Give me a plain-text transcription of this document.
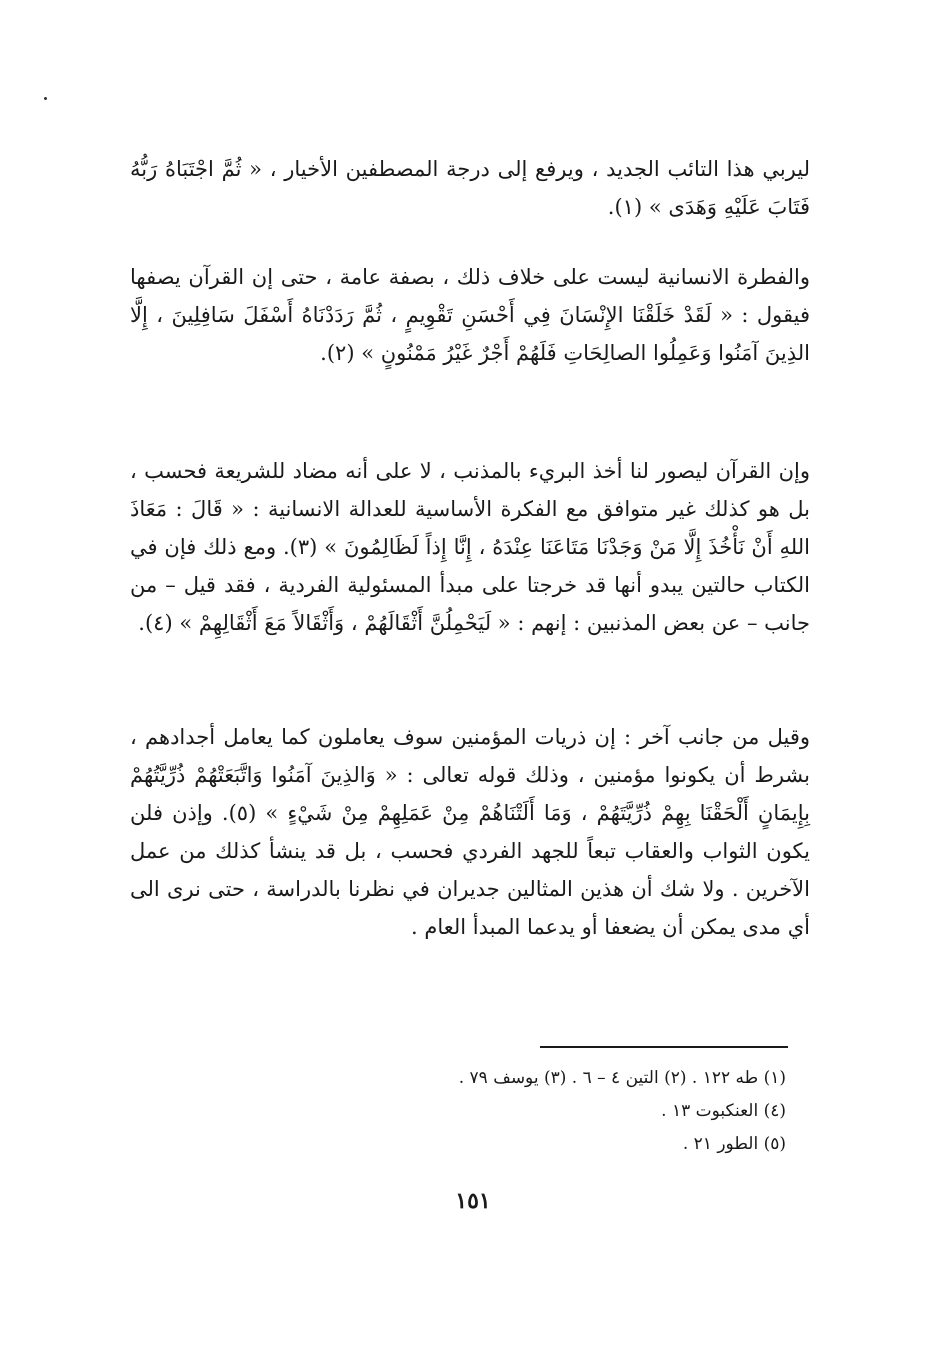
ليربي هذا التائب الجديد ، ويرفع إلى درجة المصطفين الأخيار ، « ثُمَّ اجْتَبَاهُ رَبُّهُ فَتَابَ عَلَيْهِ وَهَدَى » (١).

والفطرة الانسانية ليست على خلاف ذلك ، بصفة عامة ، حتى إن القرآن يصفها فيقول : « لَقَدْ خَلَقْنَا الإِنْسَانَ فِي أَحْسَنِ تَقْوِيمٍ ، ثُمَّ رَدَدْنَاهُ أَسْفَلَ سَافِلِينَ ، إِلَّا الذِينَ آمَنُوا وَعَمِلُوا الصالِحَاتِ فَلَهُمْ أَجْرٌ غَيْرُ مَمْنُونٍ » (٢).

وإن القرآن ليصور لنا أخذ البريء بالمذنب ، لا على أنه مضاد للشريعة فحسب ، بل هو كذلك غير متوافق مع الفكرة الأساسية للعدالة الانسانية : « قَالَ : مَعَاذَ اللهِ أَنْ نَأْخُذَ إِلَّا مَنْ وَجَدْنَا مَتَاعَنَا عِنْدَهُ ، إِنَّا إِذاً لَظَالِمُونَ » (٣). ومع ذلك فإن في الكتاب حالتين يبدو أنها قد خرجتا على مبدأ المسئولية الفردية ، فقد قيل – من جانب – عن بعض المذنبين : إنهم : « لَيَحْمِلُنَّ أَثْقَالَهُمْ ، وَأَثْقَالاً مَعَ أَثْقَالِهِمْ » (٤).

وقيل من جانب آخر : إن ذريات المؤمنين سوف يعاملون كما يعامل أجدادهم ، بشرط أن يكونوا مؤمنين ، وذلك قوله تعالى : « وَالذِينَ آمَنُوا وَاتَّبَعَتْهُمْ ذُرِّيَّتُهُمْ بِإِيمَانٍ أَلْحَقْنَا بِهِمْ ذُرِّيَّتَهُمْ ، وَمَا أَلَتْنَاهُمْ مِنْ عَمَلِهِمْ مِنْ شَيْءٍ » (٥). وإذن فلن يكون الثواب والعقاب تبعاً للجهد الفردي فحسب ، بل قد ينشأ كذلك من عمل الآخرين . ولا شك أن هذين المثالين جديران في نظرنا بالدراسة ، حتى نرى الى أي مدى يمكن أن يضعفا أو يدعما المبدأ العام .

(١) طه ١٢٢ . (٢) التين ٤ – ٦ . (٣) يوسف ٧٩ .
(٤) العنكبوت ١٣ .
(٥) الطور ٢١ .
١٥١
